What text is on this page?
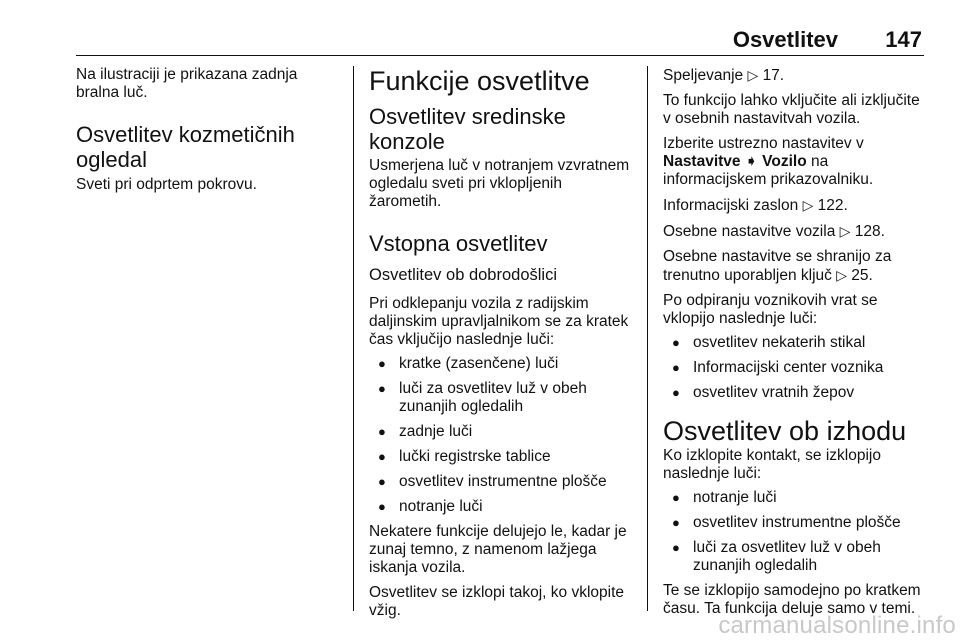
Osvetlitev 147

Na ilustraciji je prikazana zadnja bralna luč.

Osvetlitev kozmetičnih ogledal

Sveti pri odprtem pokrovu.

Funkcije osvetlitve
Osvetlitev sredinske konzole

Usmerjena luč v notranjem vzvratnem ogledalu sveti pri vklopljenih žarometih.

Vstopna osvetlitev
Osvetlitev ob dobrodošlici

Pri odklepanju vozila z radijskim daljinskim upravljalnikom se za kratek čas vključijo naslednje luči:

● kratke (zasenčene) luči
● luči za osvetlitev luž v obeh zunanjih ogledalih
● zadnje luči
● lučki registrske tablice
● osvetlitev instrumentne plošče
● notranje luči

Nekatere funkcije delujejo le, kadar je zunaj temno, z namenom lažjega iskanja vozila.

Osvetlitev se izklopi takoj, ko vklopite vžig.

Speljevanje ▷ 17.

To funkcijo lahko vključite ali izključite v osebnih nastavitvah vozila.

Izberite ustrezno nastavitev v
Nastavitve ➧ Vozilo na
informacijskem prikazovalniku.

Informacijski zaslon ▷ 122.

Osebne nastavitve vozila ▷ 128.

Osebne nastavitve se shranijo za trenutno uporabljen ključ ▷ 25.

Po odpiranju voznikovih vrat se vklopijo naslednje luči:

● osvetlitev nekaterih stikal
● Informacijski center voznika
● osvetlitev vratnih žepov
Osvetlitev ob izhodu

Ko izklopite kontakt, se izklopijo naslednje luči:

● notranje luči
● osvetlitev instrumentne plošče
● luči za osvetlitev luž v obeh zunanjih ogledalih

Te se izklopijo samodejno po kratkem času. Ta funkcija deluje samo v temi.

carmanualsonline.info
